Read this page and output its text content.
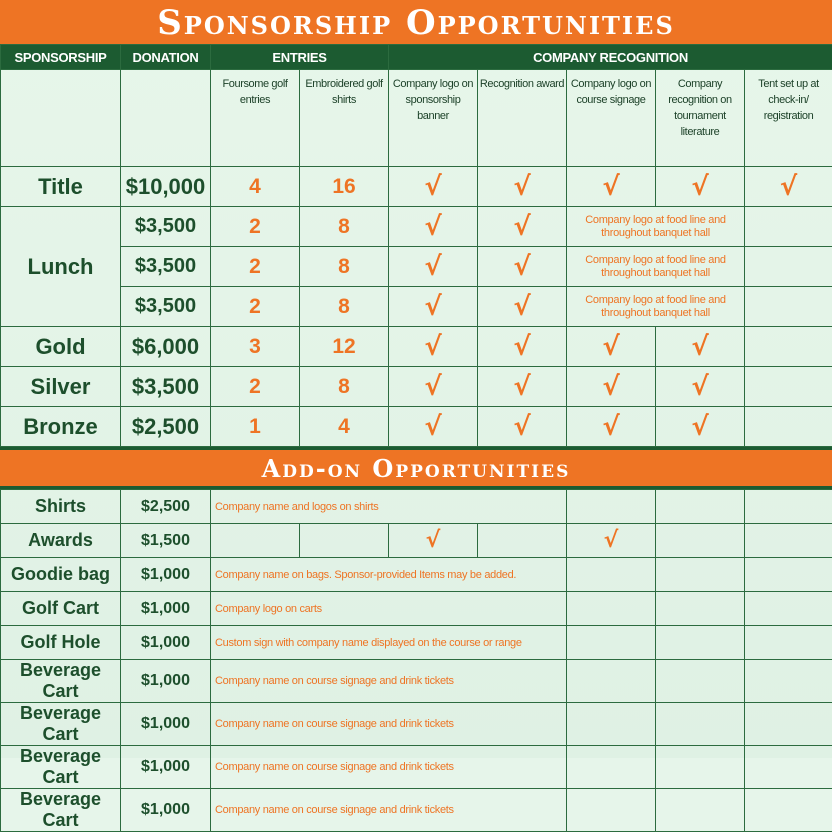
Sponsorship Opportunities
SPONSORSHIP	DONATION	ENTRIES		COMPANY RECOGNITION				
		Foursome golf entries	Embroidered golf shirts	Company logo on sponsorship banner	Recognition award	Company logo on course signage	Company recognition on tournament literature	Tent set up at check-in/ registration
Title	$10,000	4	16	√	√	√	√	√
Lunch	$3,500	2	8	√	√	Company logo at food line and throughout banquet hall		
	$3,500	2	8	√	√	Company logo at food line and throughout banquet hall		
	$3,500	2	8	√	√	Company logo at food line and throughout banquet hall		
Gold	$6,000	3	12	√	√	√	√	
Silver	$3,500	2	8	√	√	√	√	
Bronze	$2,500	1	4	√	√	√	√	
Add-on Opportunities
Shirts	$2,500	Company name and logos on shirts						
Awards	$1,500			√		√		
Goodie bag	$1,000	Company name on bags. Sponsor-provided Items may be added.						
Golf Cart	$1,000	Company logo on carts						
Golf Hole	$1,000	Custom sign with company name displayed on the course or range						
Beverage Cart	$1,000	Company name on course signage and drink tickets						
Beverage Cart	$1,000	Company name on course signage and drink tickets						
Beverage Cart	$1,000	Company name on course signage and drink tickets						
Beverage Cart	$1,000	Company name on course signage and drink tickets						
